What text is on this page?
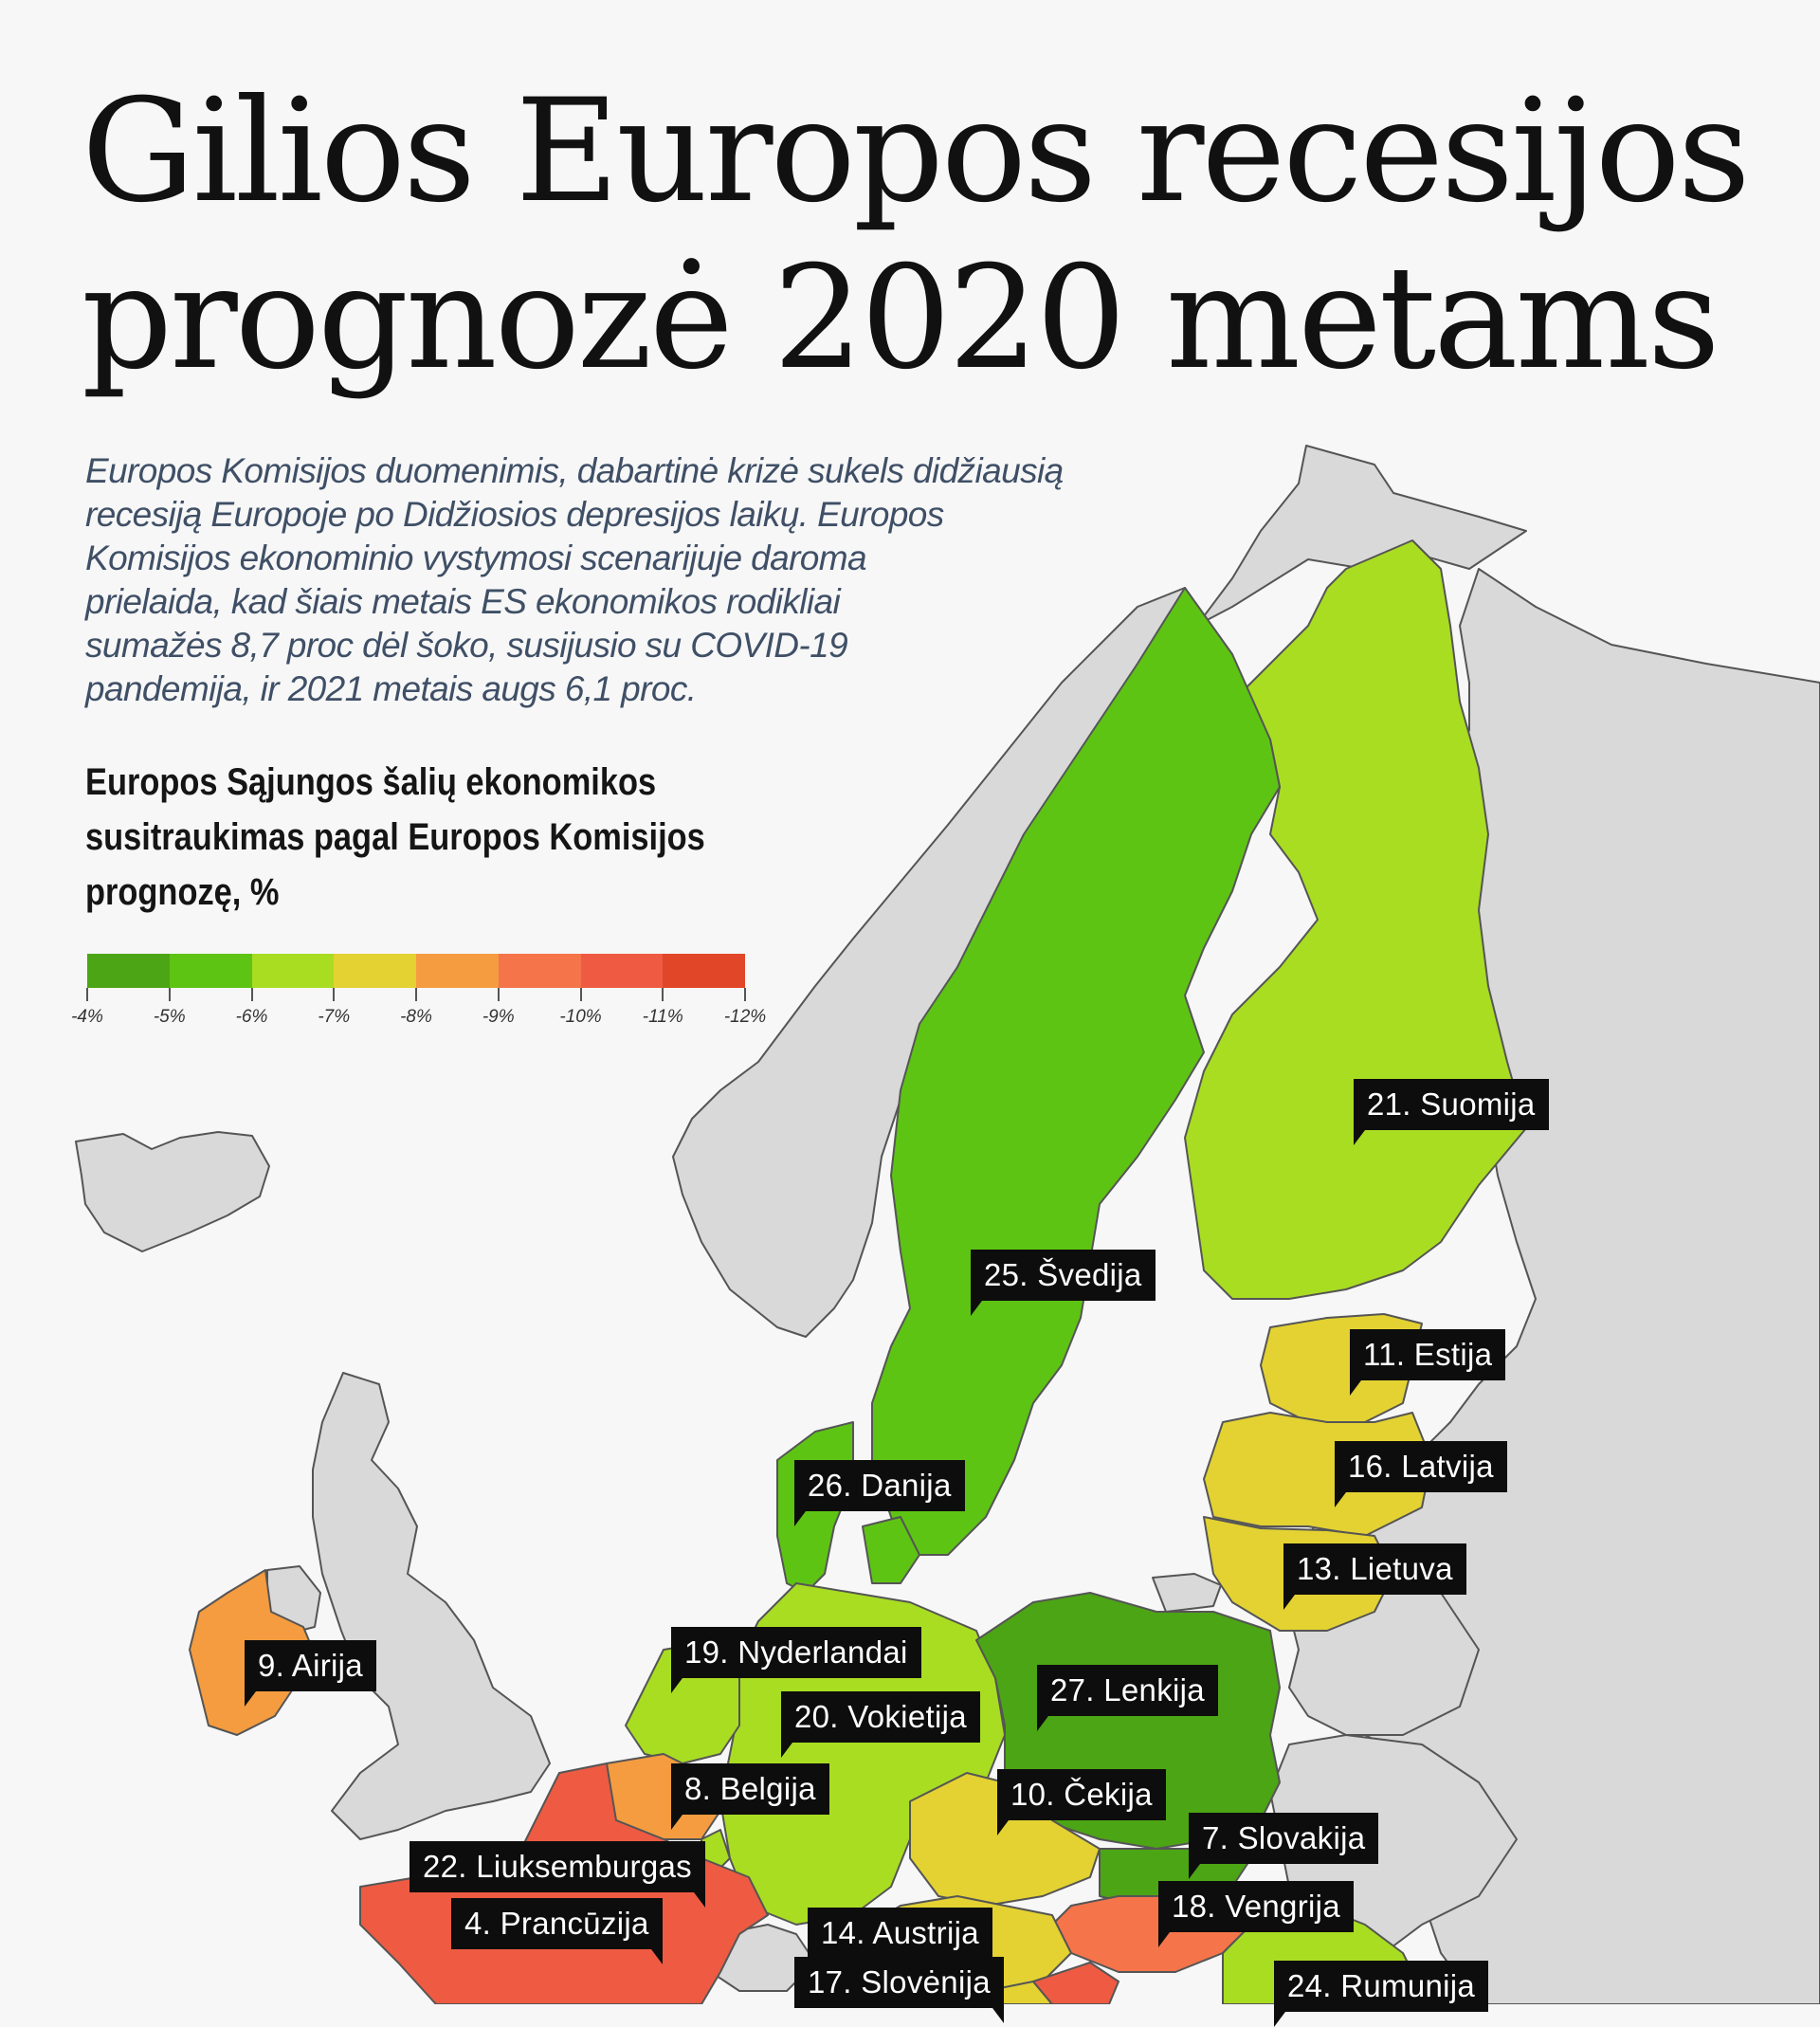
Gilios Europos recesijos
prognozė 2020 metams

Europos Komisijos duomenimis, dabartinė krizė sukels didžiausią
recesiją Europoje po Didžiosios depresijos laikų. Europos
Komisijos ekonominio vystymosi scenarijuje daroma
prielaida, kad šiais metais ES ekonomikos rodikliai
sumažės 8,7 proc dėl šoko, susijusio su COVID-19
pandemija, ir 2021 metais augs 6,1 proc.

Europos Sąjungos šalių ekonomikos
susitraukimas pagal Europos Komisijos
prognozę, %
-4%	-5%	-6%	-7%	-8%	-9%	-10% -11% -12%
21. Suomija
25. Švedija
11. Estija
16. Latvija
13. Lietuva
26. Danija
9. Airija	19. Nyderlandai
27. Lenkija
20. Vokietija
8. Belgija	10. Čekija
7. Slovakija
22. Liuksemburgas
18. Vengrija
4. Prancūzija	14. Austrija
17. Slovėnija	24. Rumunija
